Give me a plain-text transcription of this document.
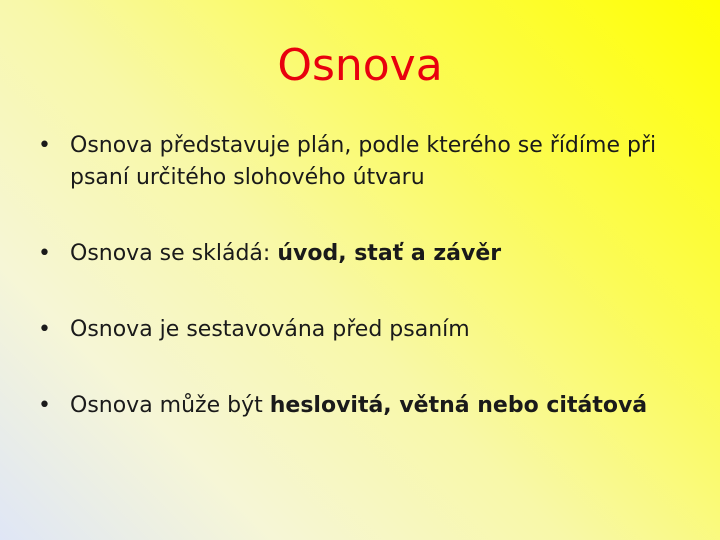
Osnova
• Osnova představuje plán, podle kterého se řídíme při psaní určitého slohového útvaru
• Osnova se skládá: úvod, stať a závěr
• Osnova je sestavována před psaním
• Osnova může být heslovitá, větná nebo citátová
